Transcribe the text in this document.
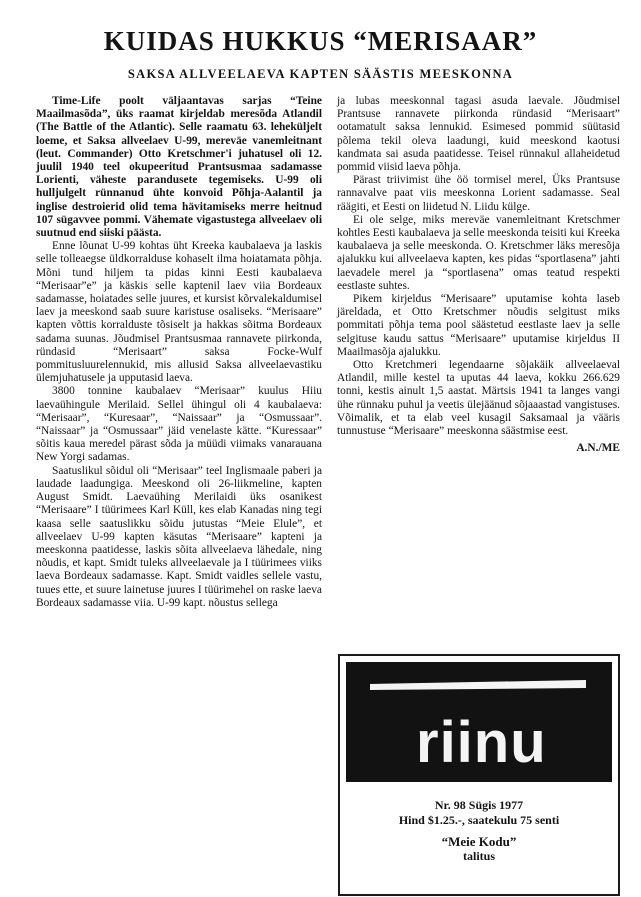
KUIDAS HUKKUS “MERISAAR”
SAKSA ALLVEELAEVA KAPTEN SÄÄSTIS MEESKONNA

Time-Life poolt väljaantavas sarjas “Teine Maailmasõda”, üks raamat kirjeldab meresõda Atlandil (The Battle of the Atlantic). Selle raamatu 63. leheküljelt loeme, et Saksa allveelaev U-99, mereväe vanemleitnant (leut. Commander) Otto Kretschmer'i juhatusel oli 12. juulil 1940 teel okupeeritud Prantsusmaa sadamasse Lorienti, väheste parandusete tegemiseks. U-99 oli hulljulgelt rünnanud ühte konvoid Põhja-Aalantil ja inglise destroierid olid tema hävitamiseks merre heitnud 107 sügavvee pommi. Vähemate vigastustega allveelaev oli suutnud end siiski päästa.

Enne lõunat U-99 kohtas üht Kreeka kaubalaeva ja laskis selle tolleaegse üldkorralduse kohaselt ilma hoiatamata põhja. Mõni tund hiljem ta pidas kinni Eesti kaubalaeva “Merisaar”e” ja käskis selle kaptenil laev viia Bordeaux sadamasse, hoiatades selle juures, et kursist kõrvalekaldumisel laev ja meeskond saab suure karistuse osaliseks. “Merisaare” kapten võttis korralduste tõsiselt ja hakkas sõitma Bordeaux sadama suunas. Jõudmisel Prantsusmaa rannavete piirkonda, ründasid “Merisaart” saksa Focke-Wulf pommitusluurelennukid, mis allusid Saksa allveelaevastiku ülemjuhatusele ja upputasid laeva.

3800 tonnine kaubalaev “Merisaar” kuulus Hiiu laevaühingule Merilaid. Sellel ühingul oli 4 kaubalaeva: “Merisaar”, “Kuresaar”, “Naissaar” ja “Osmussaar”. “Naissaar” ja “Osmussaar” jäid venelaste kätte. “Kuressaar” sõitis kaua meredel pärast sõda ja müüdi viimaks vanarauana New Yorgi sadamas.

Saatuslikul sõidul oli “Merisaar” teel Inglismaale paberi ja laudade laadungiga. Meeskond oli 26-liikmeline, kapten August Smidt. Laevaühing Merilaidi üks osanikest “Merisaare” I tüürimees Karl Küll, kes elab Kanadas ning tegi kaasa selle saatuslikku sõidu jutustas “Meie Elule”, et allveelaev U-99 kapten käsutas “Merisaare” kapteni ja meeskonna paatidesse, laskis sõita allveelaeva lähedale, ning nõudis, et kapt. Smidt tuleks allveelaevale ja I tüürimees viiks laeva Bordeaux sadamasse. Kapt. Smidt vaidles sellele vastu, tuues ette, et suure lainetuse juures I tüürimehel on raske laeva Bordeaux sadamasse viia. U-99 kapt. nõustus sellega

ja lubas meeskonnal tagasi asuda laevale. Jõudmisel Prantsuse rannavete piirkonda ründasid “Merisaart” ootamatult saksa lennukid. Esimesed pommid süütasid põlema tekil oleva laadungi, kuid meeskond kaotusi kandmata sai asuda paatidesse. Teisel rünnakul allaheidetud pommid viisid laeva põhja.

Pärast triivimist ühe öö tormisel merel, Üks Prantsuse rannavalve paat viis meeskonna Lorient sadamasse. Seal räägiti, et Eesti on liidetud N. Liidu külge.

Ei ole selge, miks mereväe vanemleitnant Kretschmer kohtles Eesti kaubalaeva ja selle meeskonda teisiti kui Kreeka kaubalaeva ja selle meeskonda. O. Kretschmer läks meresõja ajalukku kui allveelaeva kapten, kes pidas “sportlasena” jahti laevadele merel ja “sportlasena” omas teatud respekti eestlaste suhtes.

Pikem kirjeldus “Merisaare” uputamise kohta laseb järeldada, et Otto Kretschmer nõudis selgitust miks pommitati põhja tema pool säästetud eestlaste laev ja selle selgituse kaudu sattus “Merisaare” uputamise kirjeldus II Maailmasõja ajalukku.

Otto Kretchmeri legendaarne sõjakäik allveelaeval Atlandil, mille kestel ta uputas 44 laeva, kokku 266.629 tonni, kestis ainult 1,5 aastat. Märtsis 1941 ta langes vangi ühe rünnaku puhul ja veetis ülejäänud sõjaaastad vangistuses. Võimalik, et ta elab veel kusagil Saksamaal ja vääris tunnustuse “Merisaare” meeskonna säästmise eest.

A.N./ME

riinu
Nr. 98 Sügis 1977
Hind $1.25.-, saatekulu 75 senti
“Meie Kodu”
talitus
